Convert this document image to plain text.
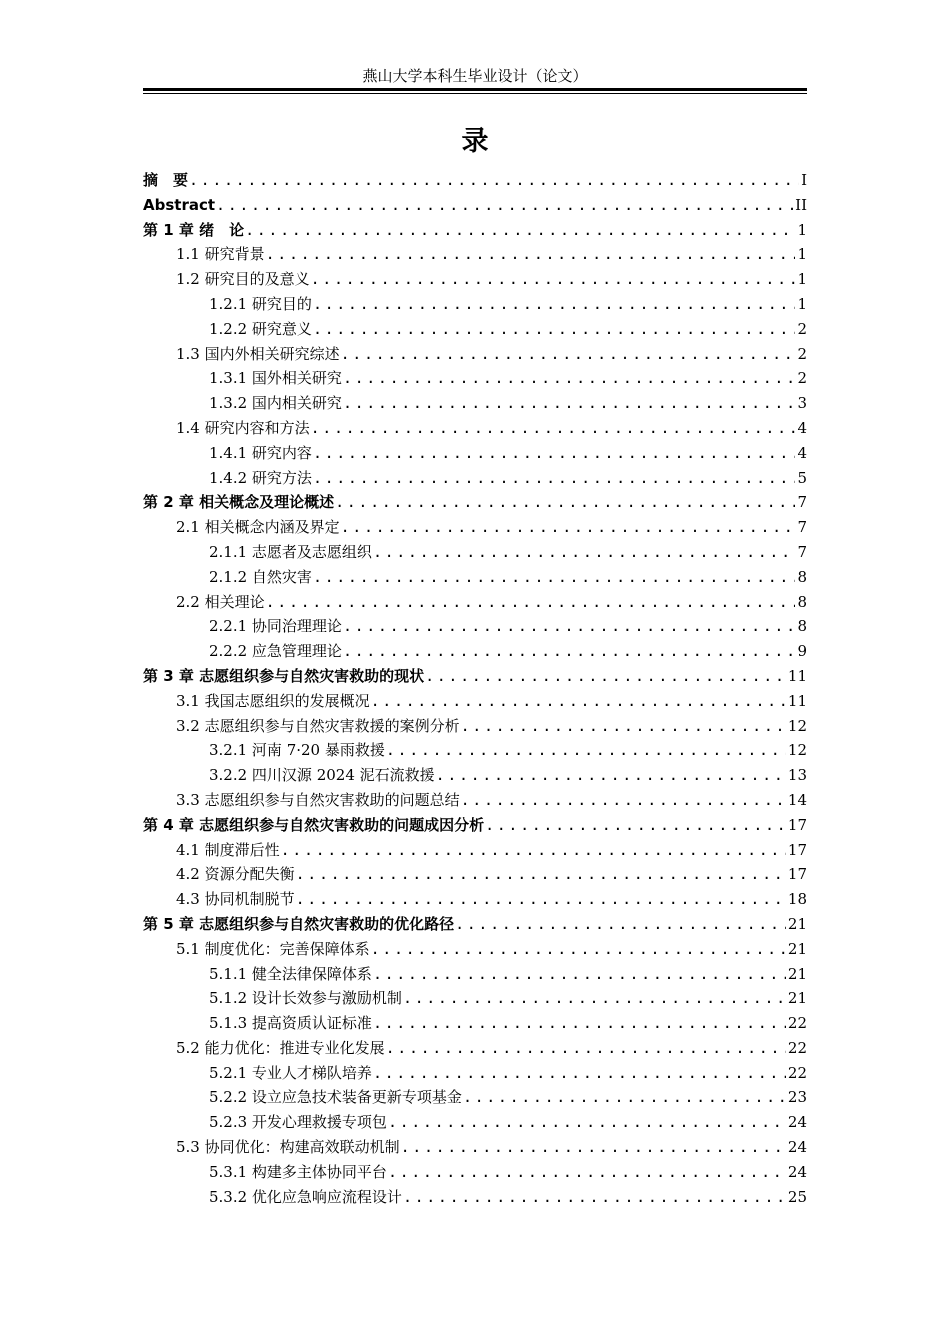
燕山大学本科生毕业设计（论文）
录
摘　要 . . .	I
Abstract . . .	II
第 1 章 绪　论 . . .	1
1.1 研究背景 . . .	1
1.2 研究目的及意义 . . .	1
1.2.1 研究目的 . . .	1
1.2.2 研究意义 . . .	2
1.3 国内外相关研究综述 . . .	2
1.3.1 国外相关研究 . . .	2
1.3.2 国内相关研究 . . .	3
1.4 研究内容和方法 . . .	4
1.4.1 研究内容 . . .	4
1.4.2 研究方法 . . .	5
第 2 章 相关概念及理论概述 . . .	7
2.1 相关概念内涵及界定 . . .	7
2.1.1 志愿者及志愿组织 . . .	7
2.1.2 自然灾害 . . .	8
2.2 相关理论 . . .	8
2.2.1 协同治理理论 . . .	8
2.2.2 应急管理理论 . . .	9
第 3 章 志愿组织参与自然灾害救助的现状 . . .	11
3.1 我国志愿组织的发展概况 . . .	11
3.2 志愿组织参与自然灾害救援的案例分析 . . .	12
3.2.1 河南 7·20 暴雨救援 . . .	12
3.2.2 四川汉源 2024 泥石流救援 . . .	13
3.3 志愿组织参与自然灾害救助的问题总结 . . .	14
第 4 章 志愿组织参与自然灾害救助的问题成因分析 . . .	17
4.1 制度滞后性 . . .	17
4.2 资源分配失衡 . . .	17
4.3 协同机制脱节 . . .	18
第 5 章 志愿组织参与自然灾害救助的优化路径 . . .	21
5.1 制度优化：完善保障体系 . . .	21
5.1.1 健全法律保障体系 . . .	21
5.1.2 设计长效参与激励机制 . . .	21
5.1.3 提高资质认证标准 . . .	22
5.2 能力优化：推进专业化发展 . . .	22
5.2.1 专业人才梯队培养 . . .	22
5.2.2 设立应急技术装备更新专项基金 . . .	23
5.2.3 开发心理救援专项包 . . .	24
5.3 协同优化：构建高效联动机制 . . .	24
5.3.1 构建多主体协同平台 . . .	24
5.3.2 优化应急响应流程设计 . . .	25
